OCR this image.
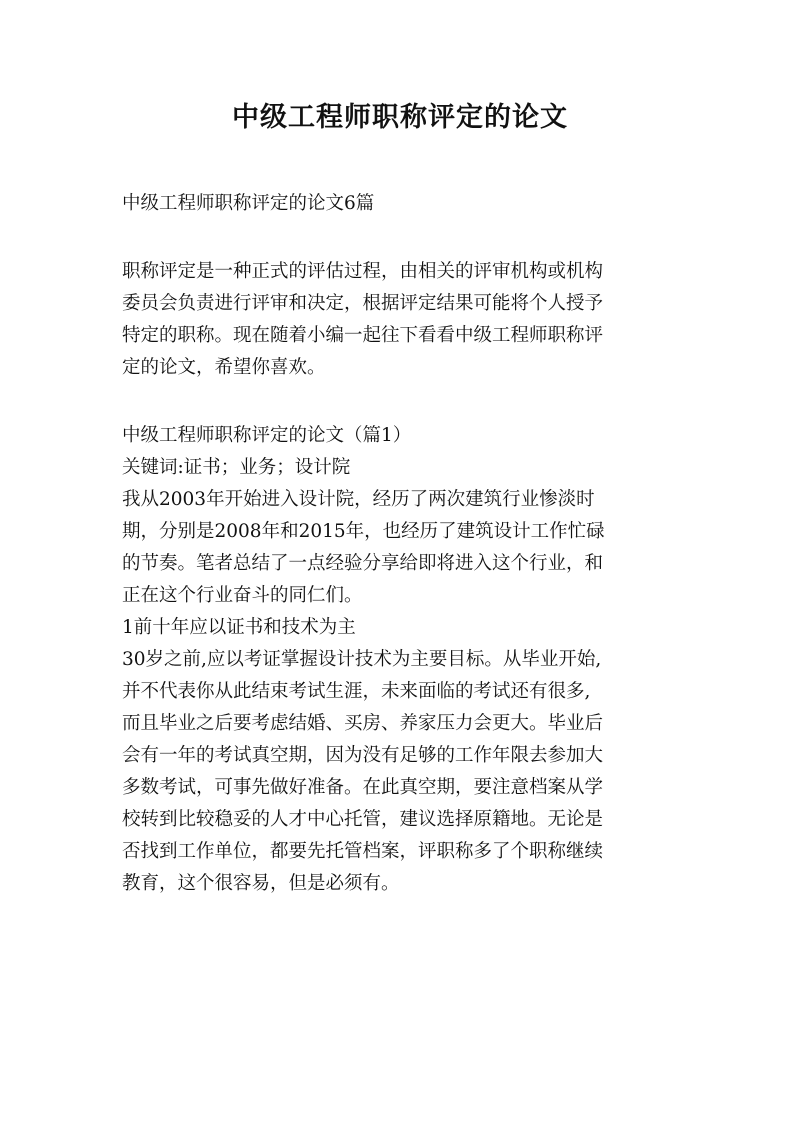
中级工程师职称评定的论文

中级工程师职称评定的论文6篇

职称评定是一种正式的评估过程，由相关的评审机构或机构

委员会负责进行评审和决定，根据评定结果可能将个人授予

特定的职称。现在随着小编一起往下看看中级工程师职称评

定的论文，希望你喜欢。

中级工程师职称评定的论文（篇1）

关键词:证书；业务；设计院

我从2003年开始进入设计院，经历了两次建筑行业惨淡时

期，分别是2008年和2015年，也经历了建筑设计工作忙碌

的节奏。笔者总结了一点经验分享给即将进入这个行业，和

正在这个行业奋斗的同仁们。

1前十年应以证书和技术为主

30岁之前,应以考证掌握设计技术为主要目标。从毕业开始,

并不代表你从此结束考试生涯，未来面临的考试还有很多,

而且毕业之后要考虑结婚、买房、养家压力会更大。毕业后

会有一年的考试真空期，因为没有足够的工作年限去参加大

多数考试，可事先做好准备。在此真空期，要注意档案从学

校转到比较稳妥的人才中心托管，建议选择原籍地。无论是

否找到工作单位，都要先托管档案，评职称多了个职称继续

教育，这个很容易，但是必须有。
